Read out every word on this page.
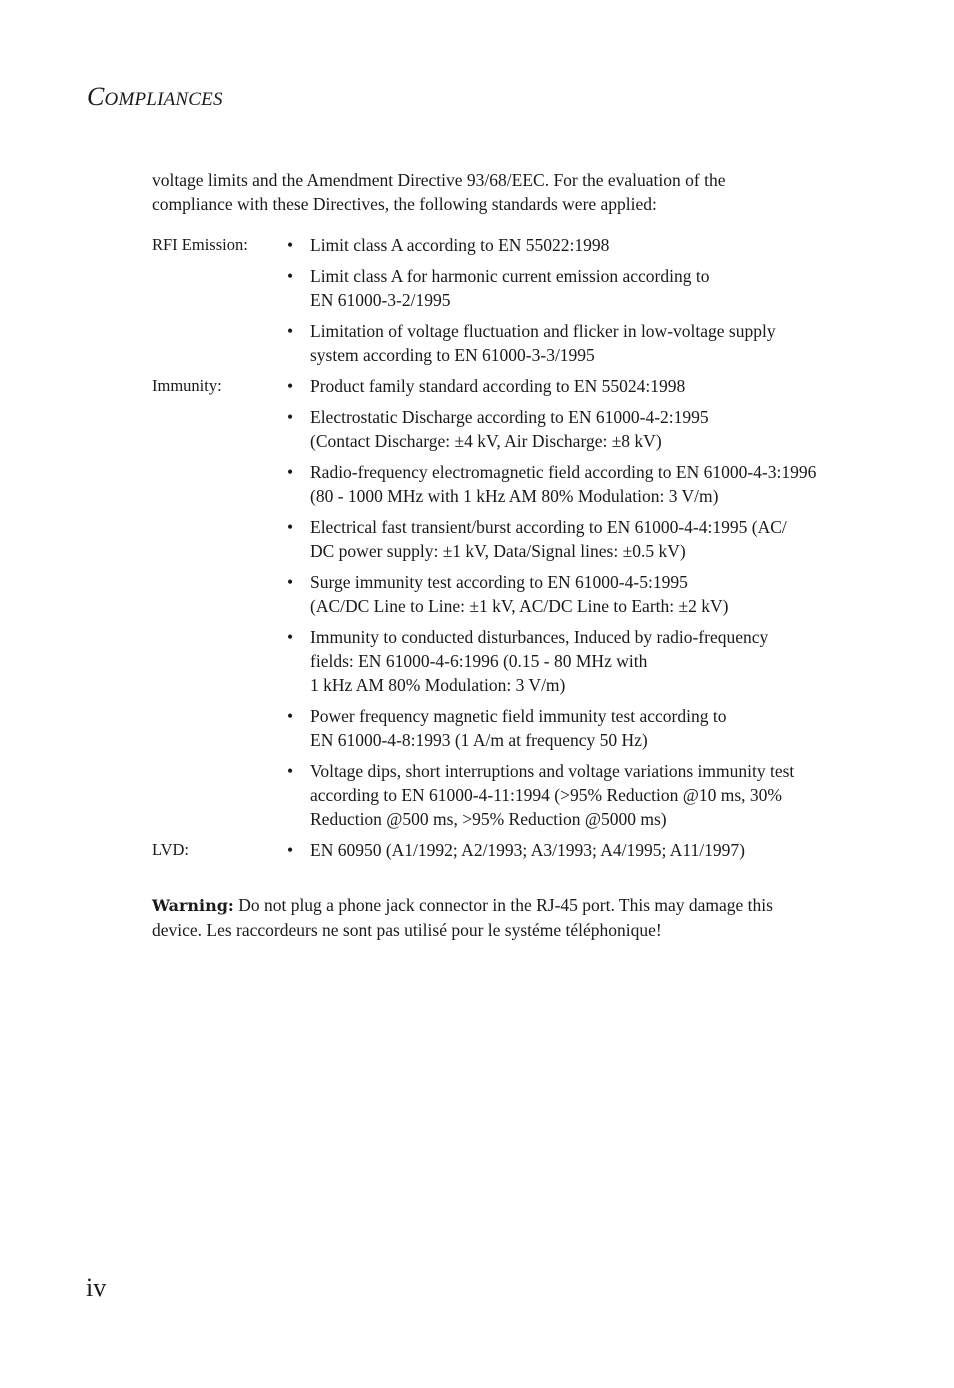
COMPLIANCES

voltage limits and the Amendment Directive 93/68/EEC. For the evaluation of the
compliance with these Directives, the following standards were applied:

RFI Emission:	• Limit class A according to EN 55022:1998
• Limit class A for harmonic current emission according to
EN 61000-3-2/1995
• Limitation of voltage fluctuation and flicker in low-voltage supply
system according to EN 61000-3-3/1995
Immunity:	• Product family standard according to EN 55024:1998
• Electrostatic Discharge according to EN 61000-4-2:1995
(Contact Discharge: ±4 kV, Air Discharge: ±8 kV)
• Radio-frequency electromagnetic field according to EN 61000-4-3:1996
(80 - 1000 MHz with 1 kHz AM 80% Modulation: 3 V/m)
• Electrical fast transient/burst according to EN 61000-4-4:1995 (AC/
DC power supply: ±1 kV, Data/Signal lines: ±0.5 kV)
• Surge immunity test according to EN 61000-4-5:1995
(AC/DC Line to Line: ±1 kV, AC/DC Line to Earth: ±2 kV)
• Immunity to conducted disturbances, Induced by radio-frequency
fields: EN 61000-4-6:1996 (0.15 - 80 MHz with
1 kHz AM 80% Modulation: 3 V/m)
• Power frequency magnetic field immunity test according to
EN 61000-4-8:1993 (1 A/m at frequency 50 Hz)
• Voltage dips, short interruptions and voltage variations immunity test
according to EN 61000-4-11:1994 (>95% Reduction @10 ms, 30%
Reduction @500 ms, >95% Reduction @5000 ms)
LVD:	• EN 60950 (A1/1992; A2/1993; A3/1993; A4/1995; A11/1997)

Warning: Do not plug a phone jack connector in the RJ-45 port. This may damage this
device. Les raccordeurs ne sont pas utilisé pour le systéme téléphonique!

iv
